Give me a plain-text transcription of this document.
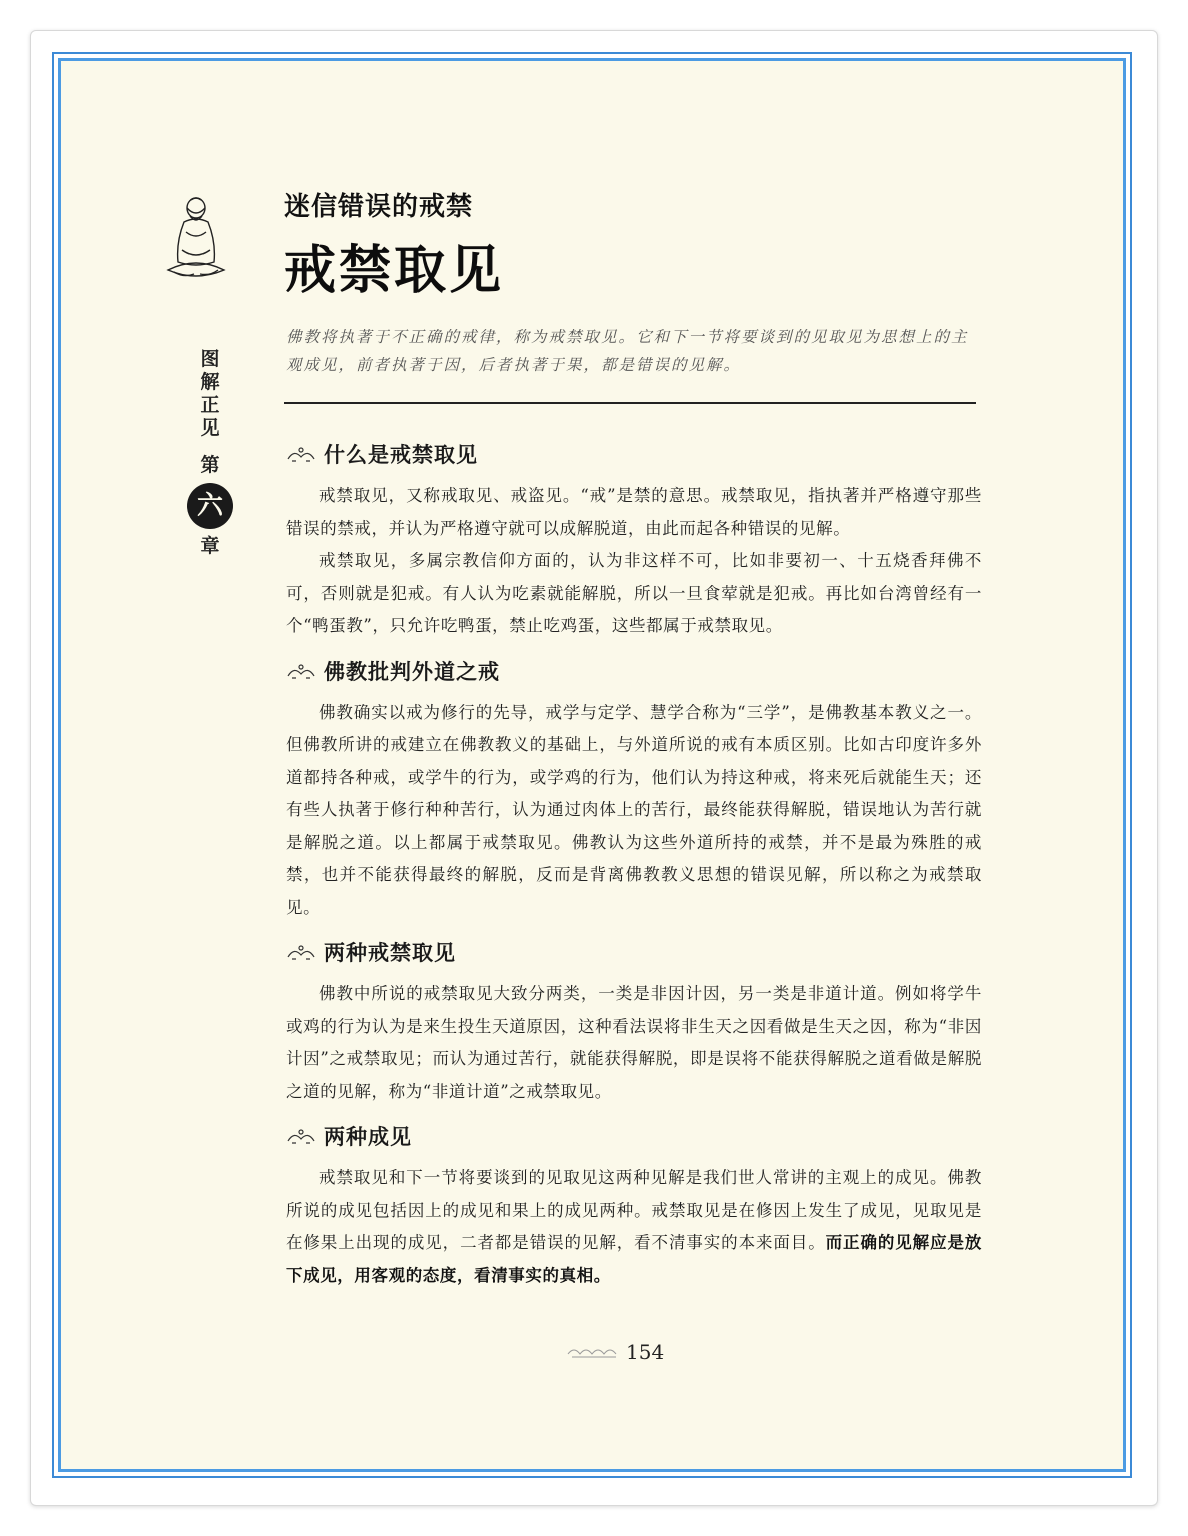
图
解
正
见
第
六
章
迷信错误的戒禁
戒禁取见
佛教将执著于不正确的戒律，称为戒禁取见。它和下一节将要谈到的见取见为思想上的主观成见，前者执著于因，后者执著于果，都是错误的见解。
什么是戒禁取见

戒禁取见，又称戒取见、戒盗见。“戒”是禁的意思。戒禁取见，指执著并严格遵守那些错误的禁戒，并认为严格遵守就可以成解脱道，由此而起各种错误的见解。

戒禁取见，多属宗教信仰方面的，认为非这样不可，比如非要初一、十五烧香拜佛不可，否则就是犯戒。有人认为吃素就能解脱，所以一旦食荤就是犯戒。再比如台湾曾经有一个“鸭蛋教”，只允许吃鸭蛋，禁止吃鸡蛋，这些都属于戒禁取见。

佛教批判外道之戒

佛教确实以戒为修行的先导，戒学与定学、慧学合称为“三学”，是佛教基本教义之一。但佛教所讲的戒建立在佛教教义的基础上，与外道所说的戒有本质区别。比如古印度许多外道都持各种戒，或学牛的行为，或学鸡的行为，他们认为持这种戒，将来死后就能生天；还有些人执著于修行种种苦行，认为通过肉体上的苦行，最终能获得解脱，错误地认为苦行就是解脱之道。以上都属于戒禁取见。佛教认为这些外道所持的戒禁，并不是最为殊胜的戒禁，也并不能获得最终的解脱，反而是背离佛教教义思想的错误见解，所以称之为戒禁取见。

两种戒禁取见

佛教中所说的戒禁取见大致分两类，一类是非因计因，另一类是非道计道。例如将学牛或鸡的行为认为是来生投生天道原因，这种看法误将非生天之因看做是生天之因，称为“非因计因”之戒禁取见；而认为通过苦行，就能获得解脱，即是误将不能获得解脱之道看做是解脱之道的见解，称为“非道计道”之戒禁取见。

两种成见

戒禁取见和下一节将要谈到的见取见这两种见解是我们世人常讲的主观上的成见。佛教所说的成见包括因上的成见和果上的成见两种。戒禁取见是在修因上发生了成见，见取见是在修果上出现的成见，二者都是错误的见解，看不清事实的本来面目。而正确的见解应是放下成见，用客观的态度，看清事实的真相。

154
